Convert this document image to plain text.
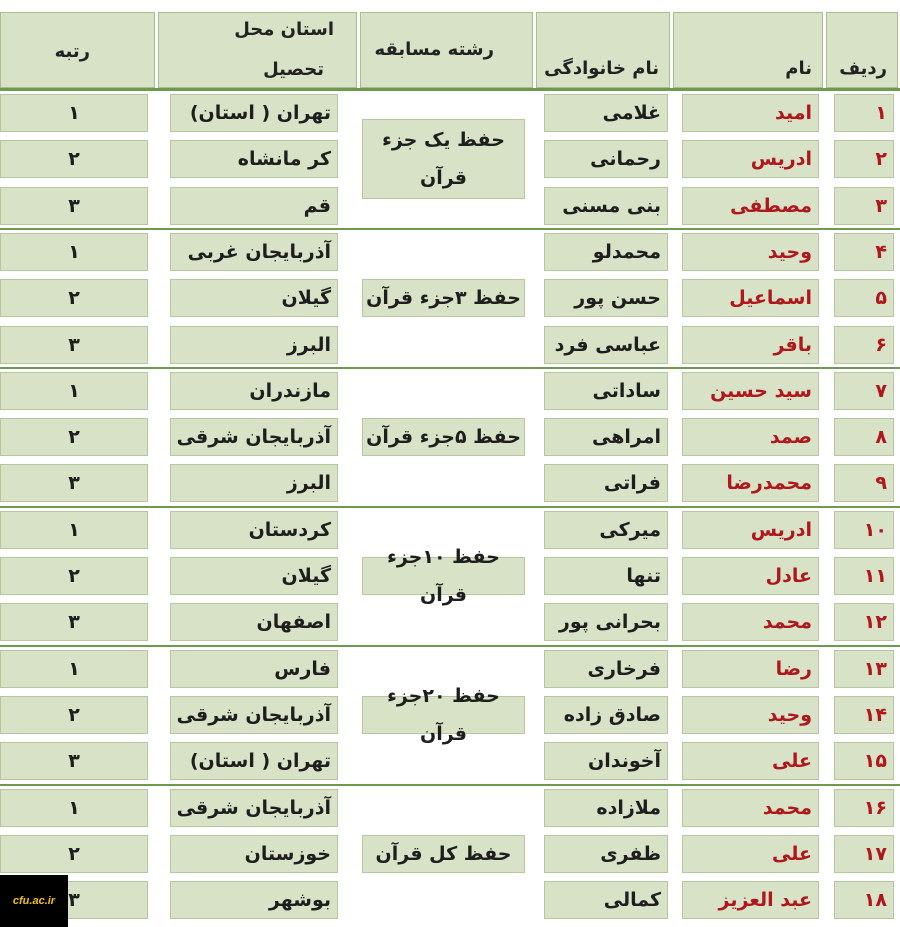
ردیف
نام
نام خانوادگی
رشته مسابقه
استان محل
تحصیل
رتبه
۱
امید
غلامی
تهران ( استان)
۱
۲
ادریس
رحمانی
کر مانشاه
۲
۳
مصطفی
بنی مسنی
قم
۳
۴
وحید
محمدلو
آذربایجان غربی
۱
۵
اسماعیل
حسن پور
گیلان
۲
۶
باقر
عباسی فرد
البرز
۳
۷
سید حسین
ساداتی
مازندران
۱
۸
صمد
امراهی
آذربایجان شرقی
۲
۹
محمدرضا
فراتی
البرز
۳
۱۰
ادریس
میرکی
کردستان
۱
۱۱
عادل
تنها
گیلان
۲
۱۲
محمد
بحرانی پور
اصفهان
۳
۱۳
رضا
فرخاری
فارس
۱
۱۴
وحید
صادق زاده
آذربایجان شرقی
۲
۱۵
علی
آخوندان
تهران ( استان)
۳
۱۶
محمد
ملازاده
آذربایجان شرقی
۱
۱۷
علی
ظفری
خوزستان
۲
۱۸
عبد العزیز
کمالی
بوشهر
۳
حفظ یک جزء
قرآن
حفظ ۳جزء قرآن
حفظ ۵جزء قرآن
حفظ ۱۰جزء قرآن
حفظ ۲۰جزء قرآن
حفظ کل قرآن
cfu.ac.ir
